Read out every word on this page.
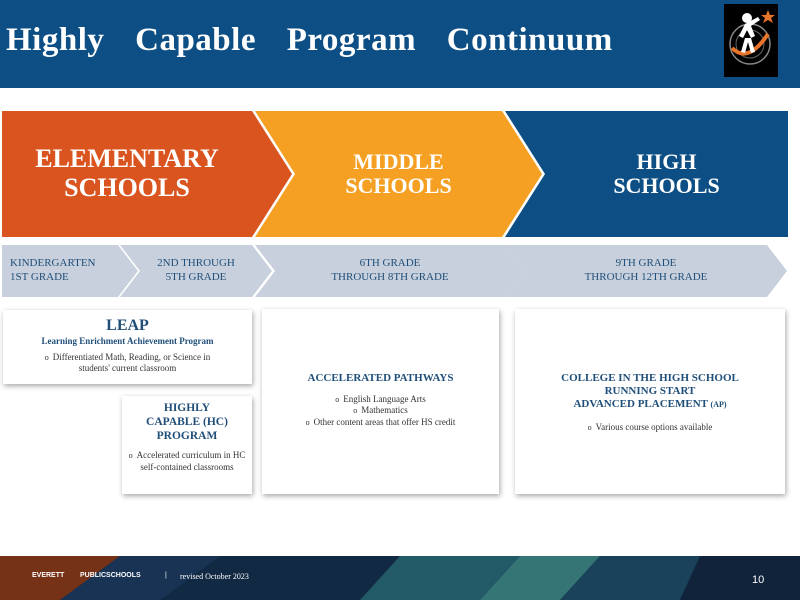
Highly Capable Program Continuum
ELEMENTARY
SCHOOLS
MIDDLE
SCHOOLS
HIGH
SCHOOLS
KINDERGARTEN
1ST GRADE
2ND THROUGH
5TH GRADE
6TH GRADE
THROUGH 8TH GRADE
9TH GRADE
THROUGH 12TH GRADE
LEAP
Learning Enrichment Achievement Program
o Differentiated Math, Reading, or Science in students' current classroom
HIGHLY
CAPABLE (HC)
PROGRAM
o Accelerated curriculum in HC self-contained classrooms
ACCELERATED PATHWAYS
o English Language Arts
o Mathematics
o Other content areas that offer HS credit
COLLEGE IN THE HIGH SCHOOL
RUNNING START
ADVANCED PLACEMENT (AP)
o Various course options available
EVERETT PUBLICSCHOOLS	| revised October 2023	10
